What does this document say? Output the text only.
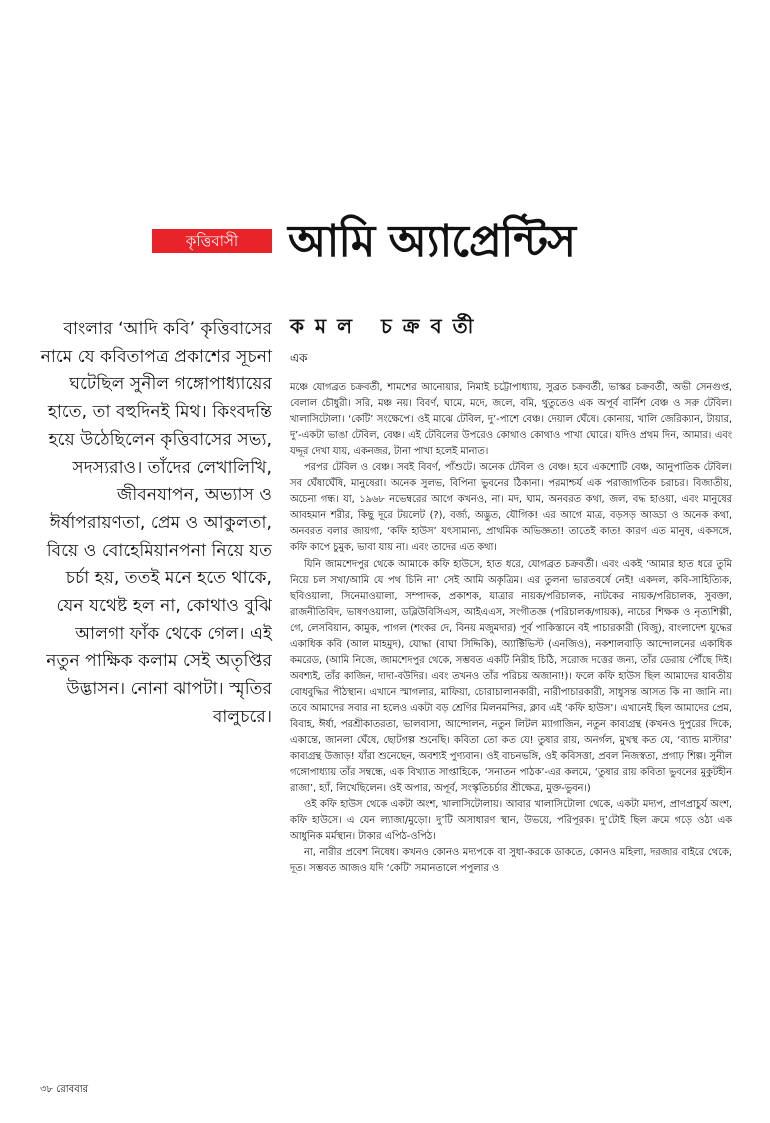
কৃত্তিবাসী	আমি অ্যাপ্রেন্টিস
বাংলার ‘আদি কবি’ কৃত্তিবাসের নামে যে কবিতাপত্র প্রকাশের সূচনা ঘটেছিল সুনীল গঙ্গোপাধ্যায়ের হাতে, তা বহুদিনই মিথ। কিংবদন্তি হয়ে উঠেছিলেন কৃত্তিবাসের সভ্য, সদস্যরাও। তাঁদের লেখালিখি, জীবনযাপন, অভ্যাস ও ঈর্ষাপরায়ণতা, প্রেম ও আকুলতা, বিয়ে ও বোহেমিয়ানপনা নিয়ে যত চর্চা হয়, ততই মনে হতে থাকে, যেন যথেষ্ট হল না, কোথাও বুঝি আলগা ফাঁক থেকে গেল। এই নতুন পাক্ষিক কলাম সেই অতৃপ্তির উদ্ভাসন। নোনা ঝাপটা। স্মৃতির বালুচরে।
কমল চক্রবর্তী
এক

মঞ্চে যোগব্রত চক্রবর্তী, শামশের আনোয়ার, নিমাই চট্টোপাধ্যায়, সুব্রত চক্রবর্তী, ভাস্কর চক্রবর্তী, অভী সেনগুপ্ত, বেলাল চৌধুরী। সরি, মঞ্চ নয়। বিবর্ণ, ঘামে, মদে, জলে, বমি, থুতুতেও এক অপূর্ব বার্নিশ বেঞ্চ ও সরু টেবিল। খালাসিটোলা। ‘কেটি’ সংক্ষেপে। ওই মাঝে টেবিল, দু’-পাশে বেঞ্চ। দেয়াল ঘেঁষে। কোনায়, খালি জেরিক্যান, টায়ার, দু’-একটা ভাঙা টেবিল, বেঞ্চ। এই টেবিলের উপরেও কোথাও কোথাও পাখা ঘোরে। যদিও প্রথম দিন, আমার। এবং যদ্দূর দেখা যায়, একনজর, টানা পাখা হলেই মানাত।

পরপর টেবিল ও বেঞ্চ। সবই বিবর্ণ, পাঁশুটে। অনেক টেবিল ও বেঞ্চ। হবে একশোটি বেঞ্চ, আনুপাতিক টেবিল। সব ঘেঁষাঘেঁষি, মানুষেরা। অনেক সুলভ, বিপিনা ভুবনের ঠিকানা। পরমাশ্চর্য এক পরাজাগতিক চরাচর। বিজাতীয়, অচেনা গন্ধ। যা, ১৯৬৮ নভেম্বরের আগে কখনও, না। মদ, ঘাম, অনবরত কথা, জল, বদ্ধ হাওয়া, এবং মানুষের আবহমান শরীর, কিছু দূরে টয়লেট (?), বর্জ্য, অদ্ভুত, যৌগিক! এর আগে মাত্র, বড়সড় আড্ডা ও অনেক কথা, অনবরত বলার জায়গা, ‘কফি হাউস’ যৎসামান্য, প্রাথমিক অভিজ্ঞতা! তাতেই কাত! কারণ এত মানুষ, একসঙ্গে, কফি কাপে চুমুক, ভাবা যায় না। এবং তাদের এত কথা।

যিনি জামশেদপুর থেকে আমাকে কফি হাউসে, হাত ধরে, যোগব্রত চক্রবর্তী। এবং একই ‘আমার হাত ধরে তুমি নিয়ে চল সখা/আমি যে পথ চিনি না’ সেই আমি অকৃত্রিম। এর তুলনা ভারতবর্ষে নেই! একদল, কবি-সাহিত্যিক, ছবিওয়ালা, সিনেমাওয়ালা, সম্পাদক, প্রকাশক, যাত্রার নায়ক/পরিচালক, নাটকের নায়ক/পরিচালক, সুবক্তা, রাজনীতিবিদ, ভাষণওয়ালা, ডব্লিউবিসিএস, আইএএস, সংগীতজ্ঞ (পরিচালক/গায়ক), নাচের শিক্ষক ও নৃত্যশিল্পী, গে, লেসবিয়ান, কামুক, পাগল (শংকর দে, বিনয় মজুমদার) পূর্ব পাকিস্তানে বই পাচারকারী (বিজু), বাংলাদেশ যুদ্ধের একাধিক কবি (আল মাহমুদ), যোদ্ধা (বাঘা সিদ্দিকি), অ্যাক্টিভিস্ট (এনজিও), নকশালবাড়ি আন্দোলনের একাধিক কমরেড, (আমি নিজে, জামশেদপুর থেকে, সম্ভবত একটি নিরীহ চিঠি, সরোজ দত্তের জন্য, তাঁর ডেরায় পৌঁছে দিই। অবশ্যই, তাঁর কাজিন, দাদা-বউদির। এবং তখনও তাঁর পরিচয় অজানা!)। ফলে কফি হাউস ছিল আমাদের যাবতীয় বোধবুদ্ধির পীঠস্থান। এখানে স্মাগলার, মাফিয়া, চোরাচালানকারী, নারীপাচারকারী, সাধুসন্ত আসত কি না জানি না। তবে আমাদের সবার না হলেও একটা বড় শ্রেণির মিলনমন্দির, ক্লাব এই ‘কফি হাউস’। এখানেই ছিল আমাদের প্রেম, বিবাহ, ঈর্ষা, পরশ্রীকাতরতা, ভালবাসা, আন্দোলন, নতুন লিটল ম্যাগাজিন, নতুন কাব্যগ্রন্থ (কখনও দুপুরের দিকে, একান্তে, জানলা ঘেঁষে, ছোটগল্প শুনেছি। কবিতা তো কত যে! তুষার রায়, অনর্গল, মুখস্থ কত যে, ‘ব্যান্ড মাস্টার’ কাব্যগ্রন্থ উজাড়! যাঁরা শুনেছেন, অবশ্যই পুণ্যবান। ওই বাচনভঙ্গি, ওই কবিসত্তা, প্রবল নিজস্বতা, প্রগাঢ় শিল্প। সুনীল গঙ্গোপাধ্যায় তাঁর সম্বন্ধে, এক বিখ্যাত সাপ্তাহিকে, ‘সনাতন পাঠক’-এর কলমে, ‘তুষার রায় কবিতা ভুবনের মুকুটহীন রাজা’, হ্যাঁ, লিখেছিলেন। ওই অপার, অপূর্ব, সংস্কৃতিচর্চার শ্রীক্ষেত্র, মুক্ত-ভুবন।)

ওই কফি হাউস থেকে একটা অংশ, খালাসিটোলায়। আবার খালাসিটোলা থেকে, একটা মদ্যপ, প্রাণপ্রাচুর্য অংশ, কফি হাউসে। এ যেন ল্যাজা/মুড়ো। দু’টি অসাধারণ স্থান, উভয়ে, পরিপূরক। দু’টোই ছিল ক্রমে গড়ে ওঠা এক আধুনিক মর্মস্থান। টাকার এপিঠ-ওপিঠ।

না, নারীর প্রবেশ নিষেধ। কখনও কোনও মদ্যপকে বা সুধা-করকে ডাকতে, কোনও মহিলা, দরজার বাইরে থেকে, দূত। সম্ভবত আজও যদি ‘কেটি’ সমানতালে পপুলার ও

৩৮ রোববার
